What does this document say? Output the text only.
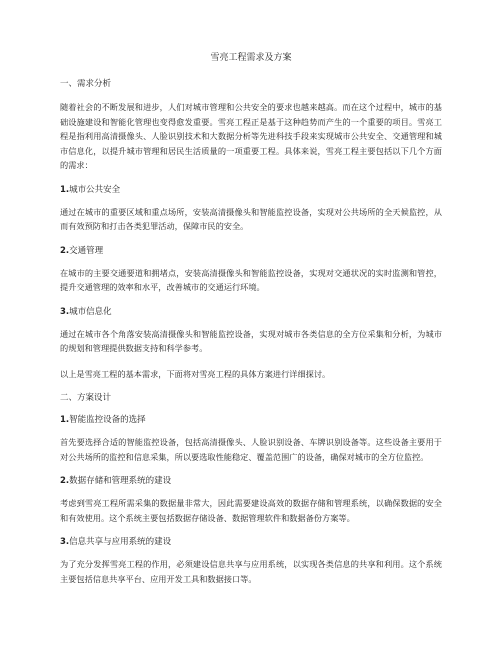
雪亮工程需求及方案
一、需求分析
随着社会的不断发展和进步，人们对城市管理和公共安全的要求也越来越高。而在这个过程中，城市的基础设施建设和智能化管理也变得愈发重要。雪亮工程正是基于这种趋势而产生的一个重要的项目。雪亮工程是指利用高清摄像头、人脸识别技术和大数据分析等先进科技手段来实现城市公共安全、交通管理和城市信息化，以提升城市管理和居民生活质量的一项重要工程。具体来说，雪亮工程主要包括以下几个方面的需求：
1.城市公共安全
通过在城市的重要区域和重点场所，安装高清摄像头和智能监控设备，实现对公共场所的全天候监控，从而有效预防和打击各类犯罪活动，保障市民的安全。
2.交通管理
在城市的主要交通要道和拥堵点，安装高清摄像头和智能监控设备，实现对交通状况的实时监测和管控，提升交通管理的效率和水平，改善城市的交通运行环境。
3.城市信息化
通过在城市各个角落安装高清摄像头和智能监控设备，实现对城市各类信息的全方位采集和分析，为城市的规划和管理提供数据支持和科学参考。
以上是雪亮工程的基本需求，下面将对雪亮工程的具体方案进行详细探讨。
二、方案设计
1.智能监控设备的选择
首先要选择合适的智能监控设备，包括高清摄像头、人脸识别设备、车牌识别设备等。这些设备主要用于对公共场所的监控和信息采集，所以要选取性能稳定、覆盖范围广的设备，确保对城市的全方位监控。
2.数据存储和管理系统的建设
考虑到雪亮工程所需采集的数据量非常大，因此需要建设高效的数据存储和管理系统，以确保数据的安全和有效使用。这个系统主要包括数据存储设备、数据管理软件和数据备份方案等。
3.信息共享与应用系统的建设
为了充分发挥雪亮工程的作用，必须建设信息共享与应用系统，以实现各类信息的共享和利用。这个系统主要包括信息共享平台、应用开发工具和数据接口等。
